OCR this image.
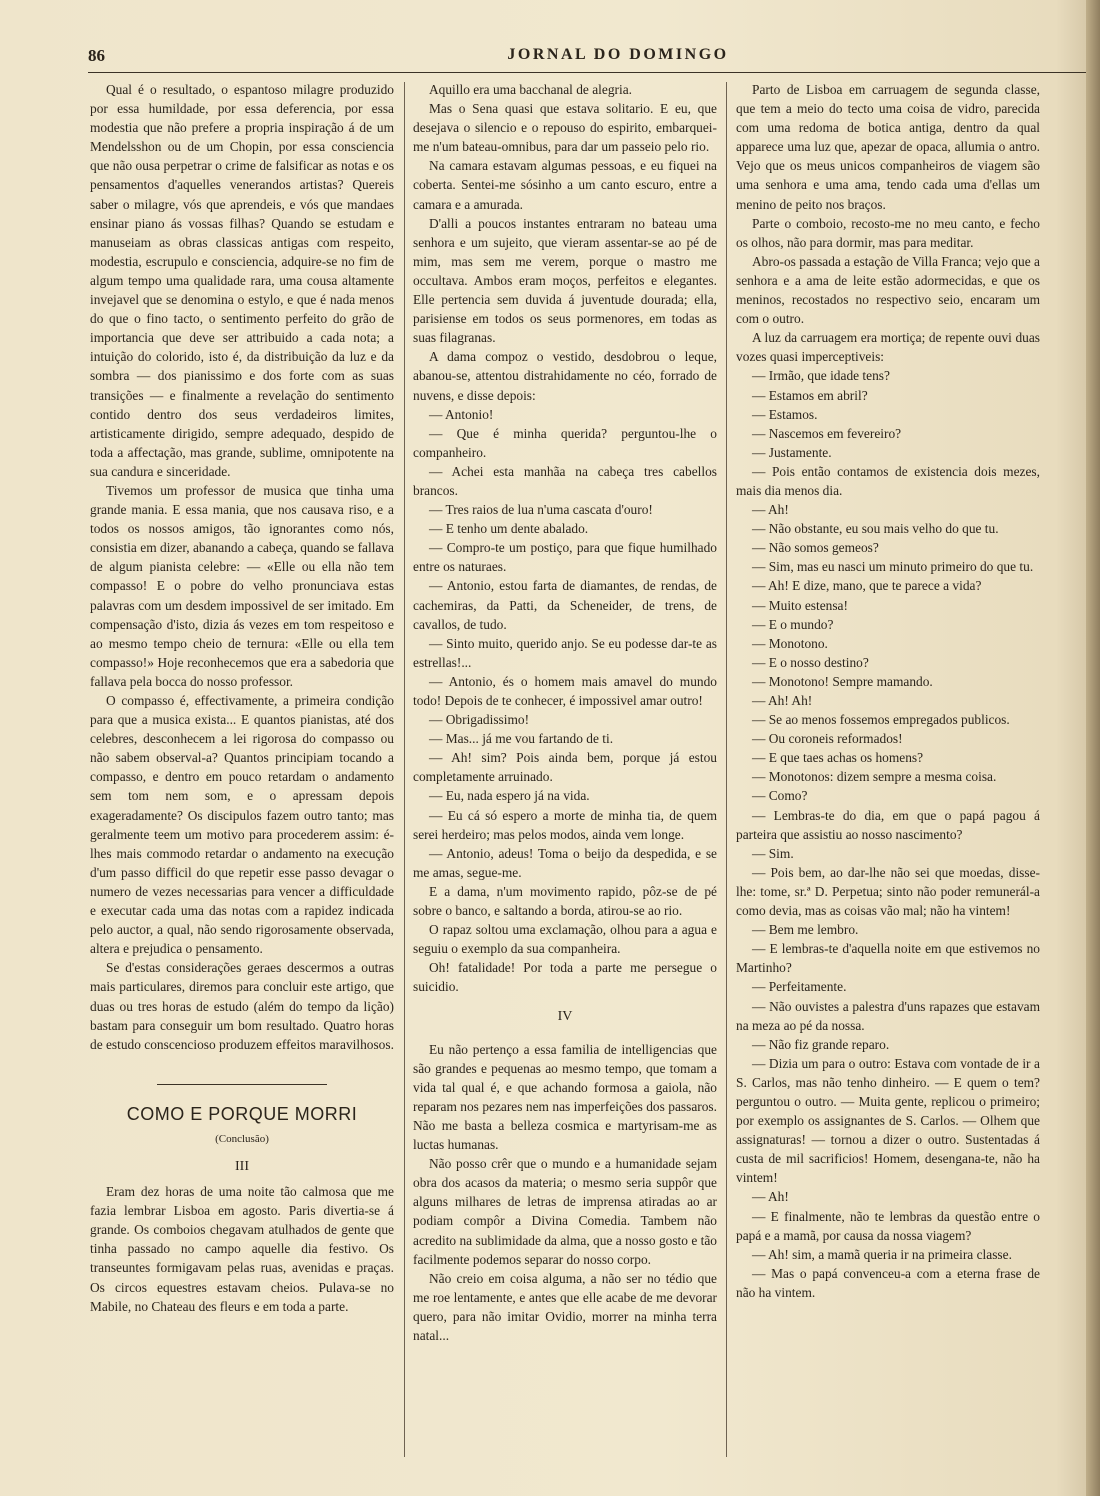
86	JORNAL DO DOMINGO

Qual é o resultado, o espantoso milagre produzido por essa humildade, por essa deferencia, por essa modestia que não prefere a propria inspiração á de um Mendelsshon ou de um Chopin, por essa consciencia que não ousa perpetrar o crime de falsificar as notas e os pensamentos d'aquelles venerandos artistas? Quereis saber o milagre, vós que aprendeis, e vós que mandaes ensinar piano ás vossas filhas? Quando se estudam e manuseiam as obras classicas antigas com respeito, modestia, escrupulo e consciencia, adquire-se no fim de algum tempo uma qualidade rara, uma cousa altamente invejavel que se denomina o estylo, e que é nada menos do que o fino tacto, o sentimento perfeito do grão de importancia que deve ser attribuido a cada nota; a intuição do colorido, isto é, da distribuição da luz e da sombra — dos pianissimo e dos forte com as suas transições — e finalmente a revelação do sentimento contido dentro dos seus verdadeiros limites, artisticamente dirigido, sempre adequado, despido de toda a affectação, mas grande, sublime, omnipotente na sua candura e sinceridade.

Tivemos um professor de musica que tinha uma grande mania. E essa mania, que nos causava riso, e a todos os nossos amigos, tão ignorantes como nós, consistia em dizer, abanando a cabeça, quando se fallava de algum pianista celebre: — «Elle ou ella não tem compasso! E o pobre do velho pronunciava estas palavras com um desdem impossivel de ser imitado. Em compensação d'isto, dizia ás vezes em tom respeitoso e ao mesmo tempo cheio de ternura: «Elle ou ella tem compasso!» Hoje reconhecemos que era a sabedoria que fallava pela bocca do nosso professor.

O compasso é, effectivamente, a primeira condição para que a musica exista... E quantos pianistas, até dos celebres, desconhecem a lei rigorosa do compasso ou não sabem observal-a? Quantos principiam tocando a compasso, e dentro em pouco retardam o andamento sem tom nem som, e o apressam depois exageradamente? Os discipulos fazem outro tanto; mas geralmente teem um motivo para procederem assim: é-lhes mais commodo retardar o andamento na execução d'um passo difficil do que repetir esse passo devagar o numero de vezes necessarias para vencer a difficuldade e executar cada uma das notas com a rapidez indicada pelo auctor, a qual, não sendo rigorosamente observada, altera e prejudica o pensamento.

Se d'estas considerações geraes descermos a outras mais particulares, diremos para concluir este artigo, que duas ou tres horas de estudo (além do tempo da lição) bastam para conseguir um bom resultado. Quatro horas de estudo conscencioso produzem effeitos maravilhosos.

COMO E PORQUE MORRI
(Conclusão)
III

Eram dez horas de uma noite tão calmosa que me fazia lembrar Lisboa em agosto. Paris divertia-se á grande. Os comboios chegavam atulhados de gente que tinha passado no campo aquelle dia festivo. Os transeuntes formigavam pelas ruas, avenidas e praças. Os circos equestres estavam cheios. Pulava-se no Mabile, no Chateau des fleurs e em toda a parte.

Aquillo era uma bacchanal de alegria.

Mas o Sena quasi que estava solitario. E eu, que desejava o silencio e o repouso do espirito, embarquei-me n'um bateau-omnibus, para dar um passeio pelo rio.

Na camara estavam algumas pessoas, e eu fiquei na coberta. Sentei-me sósinho a um canto escuro, entre a camara e a amurada.

D'alli a poucos instantes entraram no bateau uma senhora e um sujeito, que vieram assentar-se ao pé de mim, mas sem me verem, porque o mastro me occultava. Ambos eram moços, perfeitos e elegantes. Elle pertencia sem duvida á juventude dourada; ella, parisiense em todos os seus pormenores, em todas as suas filagranas.

A dama compoz o vestido, desdobrou o leque, abanou-se, attentou distrahidamente no céo, forrado de nuvens, e disse depois:

— Antonio!

— Que é minha querida? perguntou-lhe o companheiro.

— Achei esta manhãa na cabeça tres cabellos brancos.

— Tres raios de lua n'uma cascata d'ouro!

— E tenho um dente abalado.

— Compro-te um postiço, para que fique humilhado entre os naturaes.

— Antonio, estou farta de diamantes, de rendas, de cachemiras, da Patti, da Scheneider, de trens, de cavallos, de tudo.

— Sinto muito, querido anjo. Se eu podesse dar-te as estrellas!...

— Antonio, és o homem mais amavel do mundo todo! Depois de te conhecer, é impossivel amar outro!

— Obrigadissimo!

— Mas... já me vou fartando de ti.

— Ah! sim? Pois ainda bem, porque já estou completamente arruinado.

— Eu, nada espero já na vida.

— Eu cá só espero a morte de minha tia, de quem serei herdeiro; mas pelos modos, ainda vem longe.

— Antonio, adeus! Toma o beijo da despedida, e se me amas, segue-me.

E a dama, n'um movimento rapido, pôz-se de pé sobre o banco, e saltando a borda, atirou-se ao rio.

O rapaz soltou uma exclamação, olhou para a agua e seguiu o exemplo da sua companheira.

Oh! fatalidade! Por toda a parte me persegue o suicidio.

IV

Eu não pertenço a essa familia de intelligencias que são grandes e pequenas ao mesmo tempo, que tomam a vida tal qual é, e que achando formosa a gaiola, não reparam nos pezares nem nas imperfeições dos passaros. Não me basta a belleza cosmica e martyrisam-me as luctas humanas.

Não posso crêr que o mundo e a humanidade sejam obra dos acasos da materia; o mesmo seria suppôr que alguns milhares de letras de imprensa atiradas ao ar podiam compôr a Divina Comedia. Tambem não acredito na sublimidade da alma, que a nosso gosto e tão facilmente podemos separar do nosso corpo.

Não creio em coisa alguma, a não ser no tédio que me roe lentamente, e antes que elle acabe de me devorar quero, para não imitar Ovidio, morrer na minha terra natal...

Parto de Lisboa em carruagem de segunda classe, que tem a meio do tecto uma coisa de vidro, parecida com uma redoma de botica antiga, dentro da qual apparece uma luz que, apezar de opaca, allumia o antro. Vejo que os meus unicos companheiros de viagem são uma senhora e uma ama, tendo cada uma d'ellas um menino de peito nos braços.

Parte o comboio, recosto-me no meu canto, e fecho os olhos, não para dormir, mas para meditar.

Abro-os passada a estação de Villa Franca; vejo que a senhora e a ama de leite estão adormecidas, e que os meninos, recostados no respectivo seio, encaram um com o outro.

A luz da carruagem era mortiça; de repente ouvi duas vozes quasi imperceptiveis:

— Irmão, que idade tens?

— Estamos em abril?

— Estamos.

— Nascemos em fevereiro?

— Justamente.

— Pois então contamos de existencia dois mezes, mais dia menos dia.

— Ah!

— Não obstante, eu sou mais velho do que tu.

— Não somos gemeos?

— Sim, mas eu nasci um minuto primeiro do que tu.

— Ah! E dize, mano, que te parece a vida?

— Muito estensa!

— E o mundo?

— Monotono.

— E o nosso destino?

— Monotono! Sempre mamando.

— Ah! Ah!

— Se ao menos fossemos empregados publicos.

— Ou coroneis reformados!

— E que taes achas os homens?

— Monotonos: dizem sempre a mesma coisa.

— Como?

— Lembras-te do dia, em que o papá pagou á parteira que assistiu ao nosso nascimento?

— Sim.

— Pois bem, ao dar-lhe não sei que moedas, disse-lhe: tome, sr.ª D. Perpetua; sinto não poder remunerál-a como devia, mas as coisas vão mal; não ha vintem!

— Bem me lembro.

— E lembras-te d'aquella noite em que estivemos no Martinho?

— Perfeitamente.

— Não ouvistes a palestra d'uns rapazes que estavam na meza ao pé da nossa.

— Não fiz grande reparo.

— Dizia um para o outro: Estava com vontade de ir a S. Carlos, mas não tenho dinheiro. — E quem o tem? perguntou o outro. — Muita gente, replicou o primeiro; por exemplo os assignantes de S. Carlos. — Olhem que assignaturas! — tornou a dizer o outro. Sustentadas á custa de mil sacrificios! Homem, desengana-te, não ha vintem!

— Ah!

— E finalmente, não te lembras da questão entre o papá e a mamã, por causa da nossa viagem?

— Ah! sim, a mamã queria ir na primeira classe.

— Mas o papá convenceu-a com a eterna frase de não ha vintem.
